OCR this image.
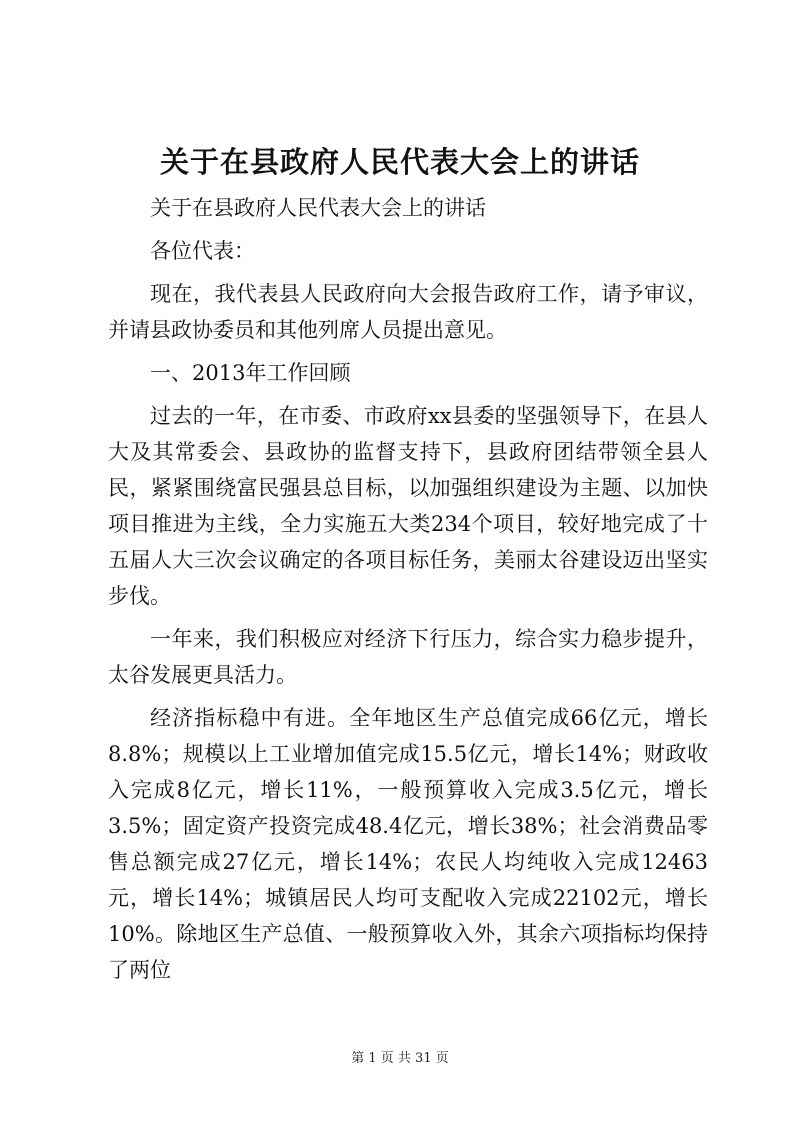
关于在县政府人民代表大会上的讲话

关于在县政府人民代表大会上的讲话

各位代表：

现在，我代表县人民政府向大会报告政府工作，请予审议，并请县政协委员和其他列席人员提出意见。

一、2013年工作回顾

过去的一年，在市委、市政府xx县委的坚强领导下，在县人大及其常委会、县政协的监督支持下，县政府团结带领全县人民，紧紧围绕富民强县总目标，以加强组织建设为主题、以加快项目推进为主线，全力实施五大类234个项目，较好地完成了十五届人大三次会议确定的各项目标任务，美丽太谷建设迈出坚实步伐。

一年来，我们积极应对经济下行压力，综合实力稳步提升，太谷发展更具活力。

经济指标稳中有进。全年地区生产总值完成66亿元，增长8.8%；规模以上工业增加值完成15.5亿元，增长14%；财政收入完成8亿元，增长11%，一般预算收入完成3.5亿元，增长3.5%；固定资产投资完成48.4亿元，增长38%；社会消费品零售总额完成27亿元，增长14%；农民人均纯收入完成12463元，增长14%；城镇居民人均可支配收入完成22102元，增长10%。除地区生产总值、一般预算收入外，其余六项指标均保持了两位

第 1 页 共 31 页
